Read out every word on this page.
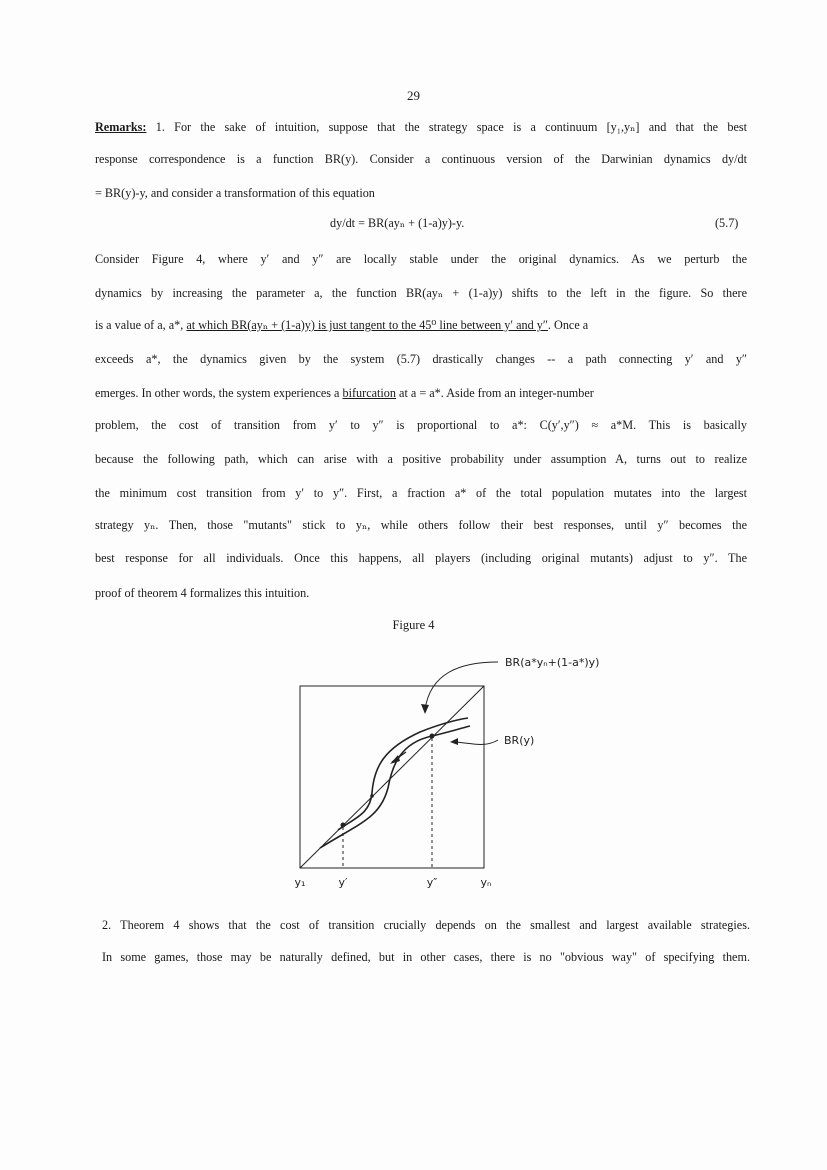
29
Remarks: 1. For the sake of intuition, suppose that the strategy space is a continuum [y₁,yₙ] and that the best
response correspondence is a function BR(y). Consider a continuous version of the Darwinian dynamics dy/dt
= BR(y)-y, and consider a transformation of this equation
dy/dt = BR(ayₙ + (1-a)y)-y.	(5.7)
Consider Figure 4, where y′ and y″ are locally stable under the original dynamics. As we perturb the
dynamics by increasing the parameter a, the function BR(ayₙ + (1-a)y) shifts to the left in the figure. So there
is a value of a, a*, at which BR(ayₙ + (1-a)y) is just tangent to the 45⁰ line between y′ and y″. Once a
exceeds a*, the dynamics given by the system (5.7) drastically changes -- a path connecting y′ and y″
emerges. In other words, the system experiences a bifurcation at a = a*. Aside from an integer-number
problem, the cost of transition from y′ to y″ is proportional to a*: C(y′,y″) ≈ a*M. This is basically
because the following path, which can arise with a positive probability under assumption A, turns out to realize
the minimum cost transition from y′ to y″. First, a fraction a* of the total population mutates into the largest
strategy yₙ. Then, those "mutants" stick to yₙ, while others follow their best responses, until y″ becomes the
best response for all individuals. Once this happens, all players (including original mutants) adjust to y″. The
proof of theorem 4 formalizes this intuition.
Figure 4
BR(a*yₙ+(1-a*)y)
BR(y)
y₁	y′	y″	yₙ
2. Theorem 4 shows that the cost of transition crucially depends on the smallest and largest available strategies.
In some games, those may be naturally defined, but in other cases, there is no "obvious way" of specifying them.
